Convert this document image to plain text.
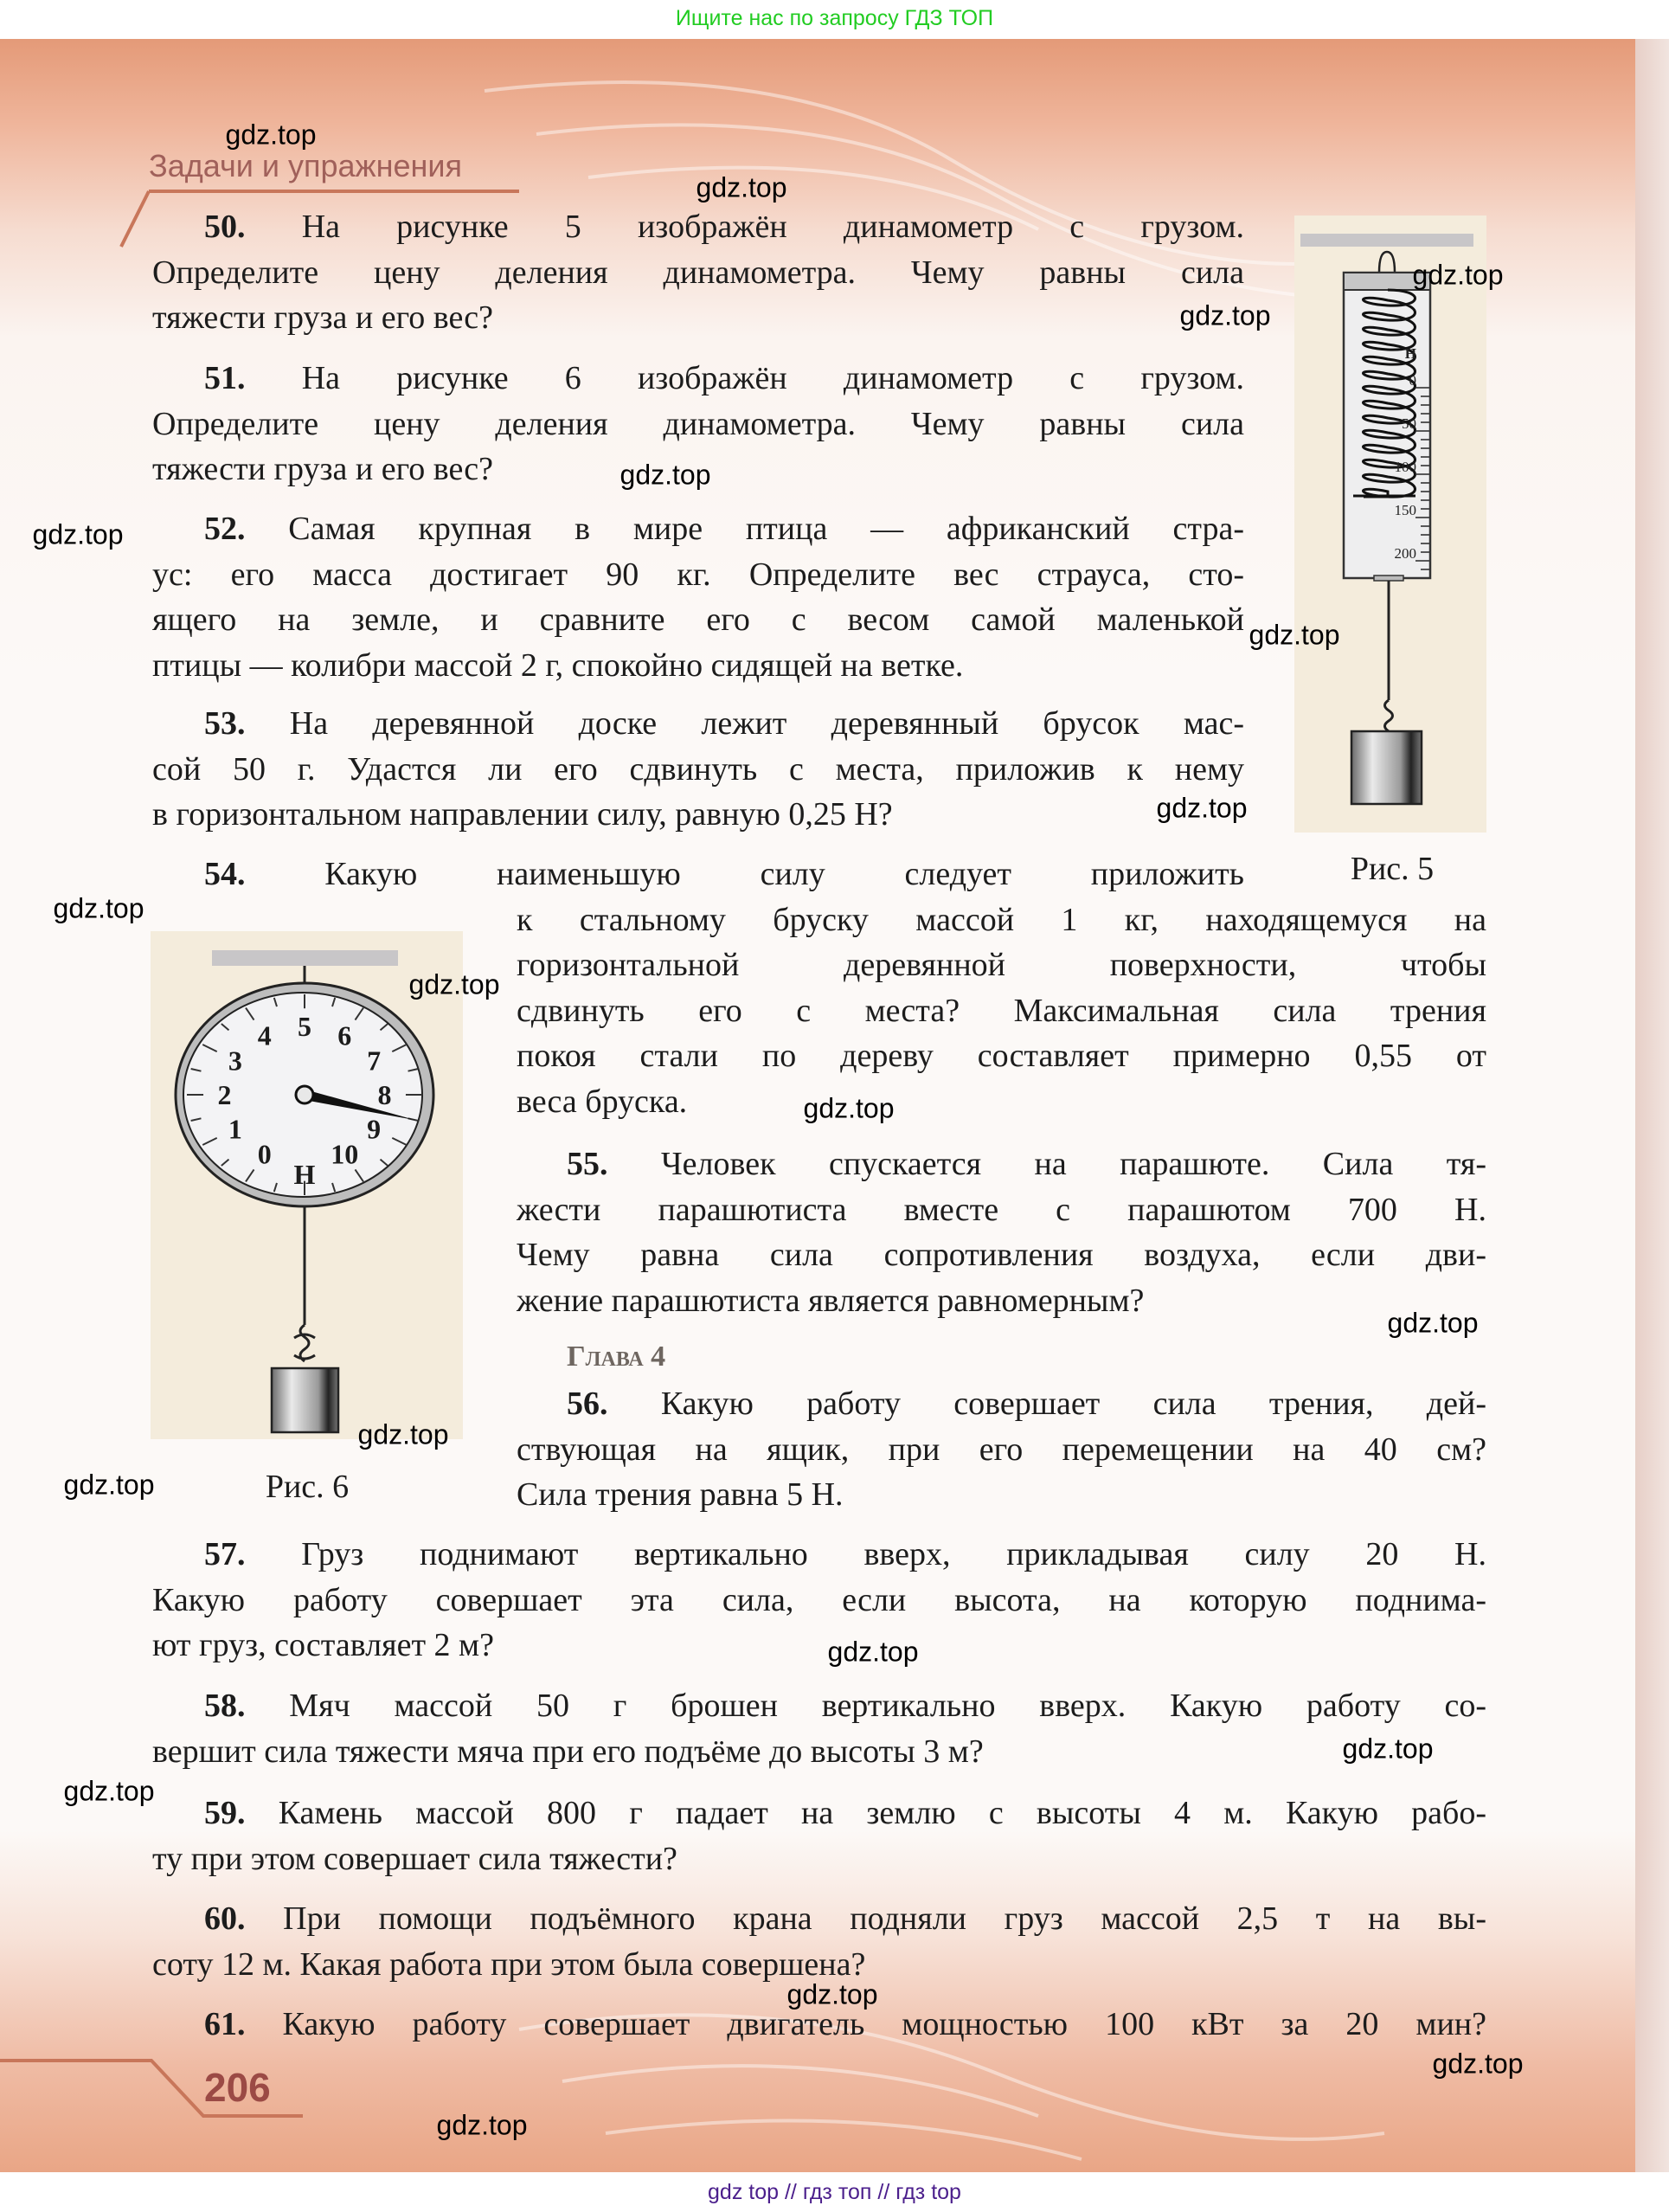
Ищите нас по запросу ГДЗ ТОП
Задачи и упражнения
50. На рисунке 5 изображён динамометр с грузом.
Определите цену деления динамометра. Чему равны сила
тяжести груза и его вес?
51. На рисунке 6 изображён динамометр с грузом.
Определите цену деления динамометра. Чему равны сила
тяжести груза и его вес?
52. Самая крупная в мире птица — африканский стра-
ус: его масса достигает 90 кг. Определите вес страуса, сто-
ящего на земле, и сравните его с весом самой маленькой
птицы — колибри массой 2 г, спокойно сидящей на ветке.
53. На деревянной доске лежит деревянный брусок мас-
сой 50 г. Удастся ли его сдвинуть с места, приложив к нему
в горизонтальном направлении силу, равную 0,25 Н?
54. Какую наименьшую силу следует приложить
к стальному бруску массой 1 кг, находящемуся на
горизонтальной деревянной поверхности, чтобы
сдвинуть его с места? Максимальная сила трения
покоя стали по дереву составляет примерно 0,55 от
веса бруска.
55. Человек спускается на парашюте. Сила тя-
жести парашютиста вместе с парашютом 700 Н.
Чему равна сила сопротивления воздуха, если дви-
жение парашютиста является равномерным?
56. Какую работу совершает сила трения, дей-
ствующая на ящик, при его перемещении на 40 см?
Сила трения равна 5 Н.
57. Груз поднимают вертикально вверх, прикладывая силу 20 Н.
Какую работу совершает эта сила, если высота, на которую поднима-
ют груз, составляет 2 м?
58. Мяч массой 50 г брошен вертикально вверх. Какую работу со-
вершит сила тяжести мяча при его подъёме до высоты 3 м?
59. Камень массой 800 г падает на землю с высоты 4 м. Какую рабо-
ту при этом совершает сила тяжести?
60. При помощи подъёмного крана подняли груз массой 2,5 т на вы-
соту 12 м. Какая работа при этом была совершена?
61. Какую работу совершает двигатель мощностью 100 кВт за 20 мин?
Глава 4
Н
0
50
100
150
200
Рис. 5
0
1
2
3
4 5 6
7
8
9
10
Н
Рис. 6
206
gdz.top
gdz.top
gdz.top
gdz.top
gdz.top
gdz.top
gdz.top
gdz.top
gdz.top
gdz.top
gdz.top
gdz.top
gdz.top
gdz.top
gdz.top
gdz.top
gdz.top
gdz.top
gdz.top
gdz.top
gdz top // гдз топ // гдз top
